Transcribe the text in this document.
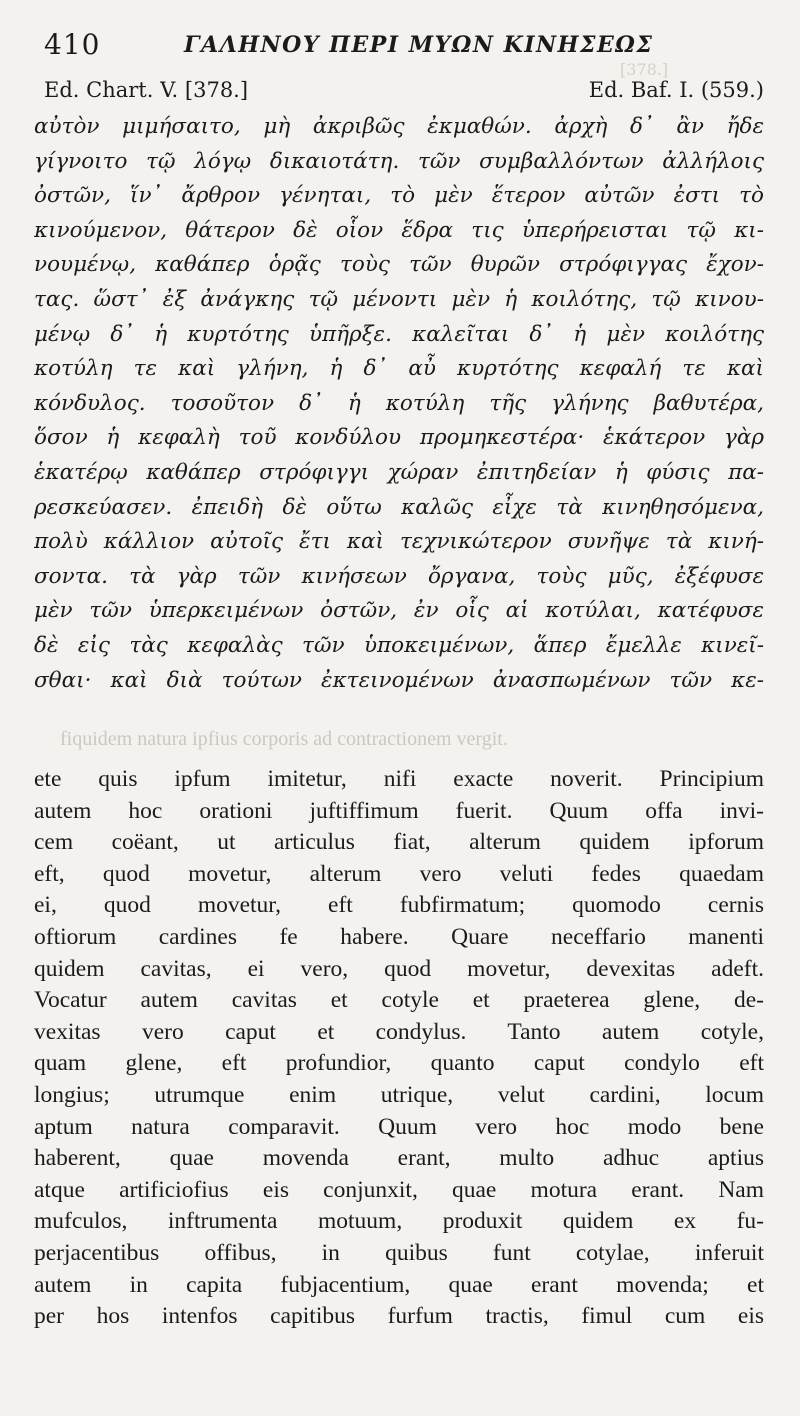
[378.]
410	ΓΑΛΗΝΟΥ ΠΕΡΙ ΜΥΩΝ ΚΙΝΗΣΕΩΣ
Ed. Chart. V. [378.]	Ed. Baf. I. (559.)
αὐτὸν μιμήσαιτο, μὴ ἀκριβῶς ἐκμαθών. ἀρχὴ δ᾽ ἂν ἤδε
γίγνοιτο τῷ λόγῳ δικαιοτάτη. τῶν συμβαλλόντων ἀλλήλοις
ὀστῶν, ἵν᾽ ἄρθρον γένηται, τὸ μὲν ἕτερον αὐτῶν ἐστι τὸ
κινούμενον, θάτερον δὲ οἷον ἕδρα τις ὑπερήρεισται τῷ κι-
νουμένῳ, καθάπερ ὁρᾷς τοὺς τῶν θυρῶν στρόφιγγας ἔχον-
τας. ὥστ᾽ ἐξ ἀνάγκης τῷ μένοντι μὲν ἡ κοιλότης, τῷ κινου-
μένῳ δ᾽ ἡ κυρτότης ὑπῆρξε. καλεῖται δ᾽ ἡ μὲν κοιλότης
κοτύλη τε καὶ γλήνη, ἡ δ᾽ αὖ κυρτότης κεφαλή τε καὶ
κόνδυλος. τοσοῦτον δ᾽ ἡ κοτύλη τῆς γλήνης βαθυτέρα,
ὅσον ἡ κεφαλὴ τοῦ κονδύλου προμηκεστέρα· ἑκάτερον γὰρ
ἑκατέρῳ καθάπερ στρόφιγγι χώραν ἐπιτηδείαν ἡ φύσις πα-
ρεσκεύασεν. ἐπειδὴ δὲ οὕτω καλῶς εἶχε τὰ κινηθησόμενα,
πολὺ κάλλιον αὐτοῖς ἔτι καὶ τεχνικώτερον συνῆψε τὰ κινή-
σοντα. τὰ γὰρ τῶν κινήσεων ὄργανα, τοὺς μῦς, ἐξέφυσε
μὲν τῶν ὑπερκειμένων ὀστῶν, ἐν οἷς αἱ κοτύλαι, κατέφυσε
δὲ εἰς τὰς κεφαλὰς τῶν ὑποκειμένων, ἅπερ ἔμελλε κινεῖ-
σθαι· καὶ διὰ τούτων ἐκτεινομένων ἀνασπωμένων τῶν κε-
fiquidem natura ipfius corporis ad contractionem vergit.
ete quis ipfum imitetur, nifi exacte noverit. Principium
autem hoc orationi juftiffimum fuerit. Quum offa invi-
cem coëant, ut articulus fiat, alterum quidem ipforum
eft, quod movetur, alterum vero veluti fedes quaedam
ei, quod movetur, eft fubfirmatum; quomodo cernis
oftiorum cardines fe habere. Quare neceffario manenti
quidem cavitas, ei vero, quod movetur, devexitas adeft.
Vocatur autem cavitas et cotyle et praeterea glene, de-
vexitas vero caput et condylus. Tanto autem cotyle,
quam glene, eft profundior, quanto caput condylo eft
longius; utrumque enim utrique, velut cardini, locum
aptum natura comparavit. Quum vero hoc modo bene
haberent, quae movenda erant, multo adhuc aptius
atque artificiofius eis conjunxit, quae motura erant. Nam
mufculos, inftrumenta motuum, produxit quidem ex fu-
perjacentibus offibus, in quibus funt cotylae, inferuit
autem in capita fubjacentium, quae erant movenda; et
per hos intenfos capitibus furfum tractis, fimul cum eis
